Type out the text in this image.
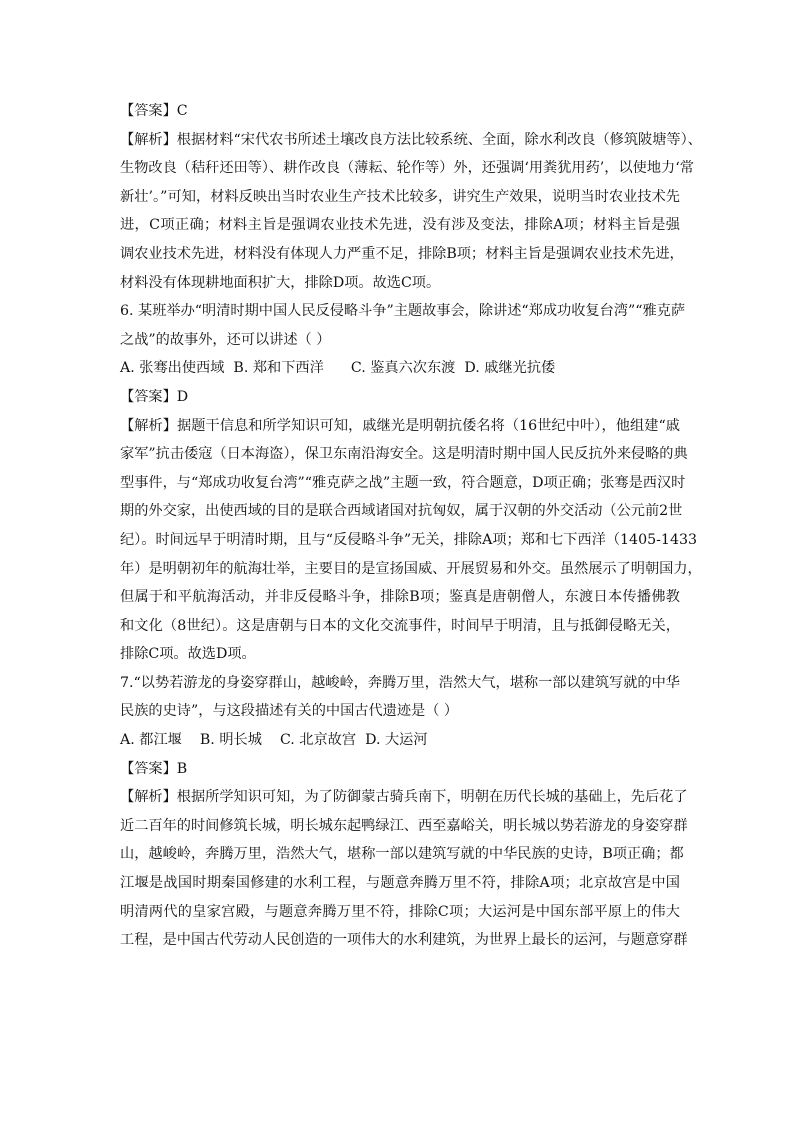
【答案】C
【解析】根据材料“宋代农书所述土壤改良方法比较系统、全面，除水利改良（修筑陂塘等）、
生物改良（秸秆还田等）、耕作改良（薄耘、轮作等）外，还强调‘用粪犹用药’，以使地力‘常
新壮’。”可知，材料反映出当时农业生产技术比较多，讲究生产效果，说明当时农业技术先
进，C项正确；材料主旨是强调农业技术先进，没有涉及变法，排除A项；材料主旨是强
调农业技术先进，材料没有体现人力严重不足，排除B项；材料主旨是强调农业技术先进，
材料没有体现耕地面积扩大，排除D项。故选C项。
6. 某班举办“明清时期中国人民反侵略斗争”主题故事会，除讲述“郑成功收复台湾”“雅克萨
之战”的故事外，还可以讲述（ ）
A. 张骞出使西域 B. 郑和下西洋 C. 鉴真六次东渡 D. 戚继光抗倭
【答案】D
【解析】据题干信息和所学知识可知，戚继光是明朝抗倭名将（16世纪中叶），他组建“戚
家军”抗击倭寇（日本海盗），保卫东南沿海安全。这是明清时期中国人民反抗外来侵略的典
型事件，与“郑成功收复台湾”“雅克萨之战”主题一致，符合题意，D项正确；张骞是西汉时
期的外交家，出使西域的目的是联合西域诸国对抗匈奴，属于汉朝的外交活动（公元前2世
纪）。时间远早于明清时期，且与“反侵略斗争”无关，排除A项；郑和七下西洋（1405-1433
年）是明朝初年的航海壮举，主要目的是宣扬国威、开展贸易和外交。虽然展示了明朝国力，
但属于和平航海活动，并非反侵略斗争，排除B项；鉴真是唐朝僧人，东渡日本传播佛教
和文化（8世纪）。这是唐朝与日本的文化交流事件，时间早于明清，且与抵御侵略无关，
排除C项。故选D项。
7.“以势若游龙的身姿穿群山，越峻岭，奔腾万里，浩然大气，堪称一部以建筑写就的中华
民族的史诗”，与这段描述有关的中国古代遗迹是（ ）
A. 都江堰 B. 明长城 C. 北京故宫 D. 大运河
【答案】B
【解析】根据所学知识可知，为了防御蒙古骑兵南下，明朝在历代长城的基础上，先后花了
近二百年的时间修筑长城，明长城东起鸭绿江、西至嘉峪关，明长城以势若游龙的身姿穿群
山，越峻岭，奔腾万里，浩然大气，堪称一部以建筑写就的中华民族的史诗，B项正确；都
江堰是战国时期秦国修建的水利工程，与题意奔腾万里不符，排除A项；北京故宫是中国
明清两代的皇家宫殿，与题意奔腾万里不符，排除C项；大运河是中国东部平原上的伟大
工程，是中国古代劳动人民创造的一项伟大的水利建筑，为世界上最长的运河，与题意穿群
